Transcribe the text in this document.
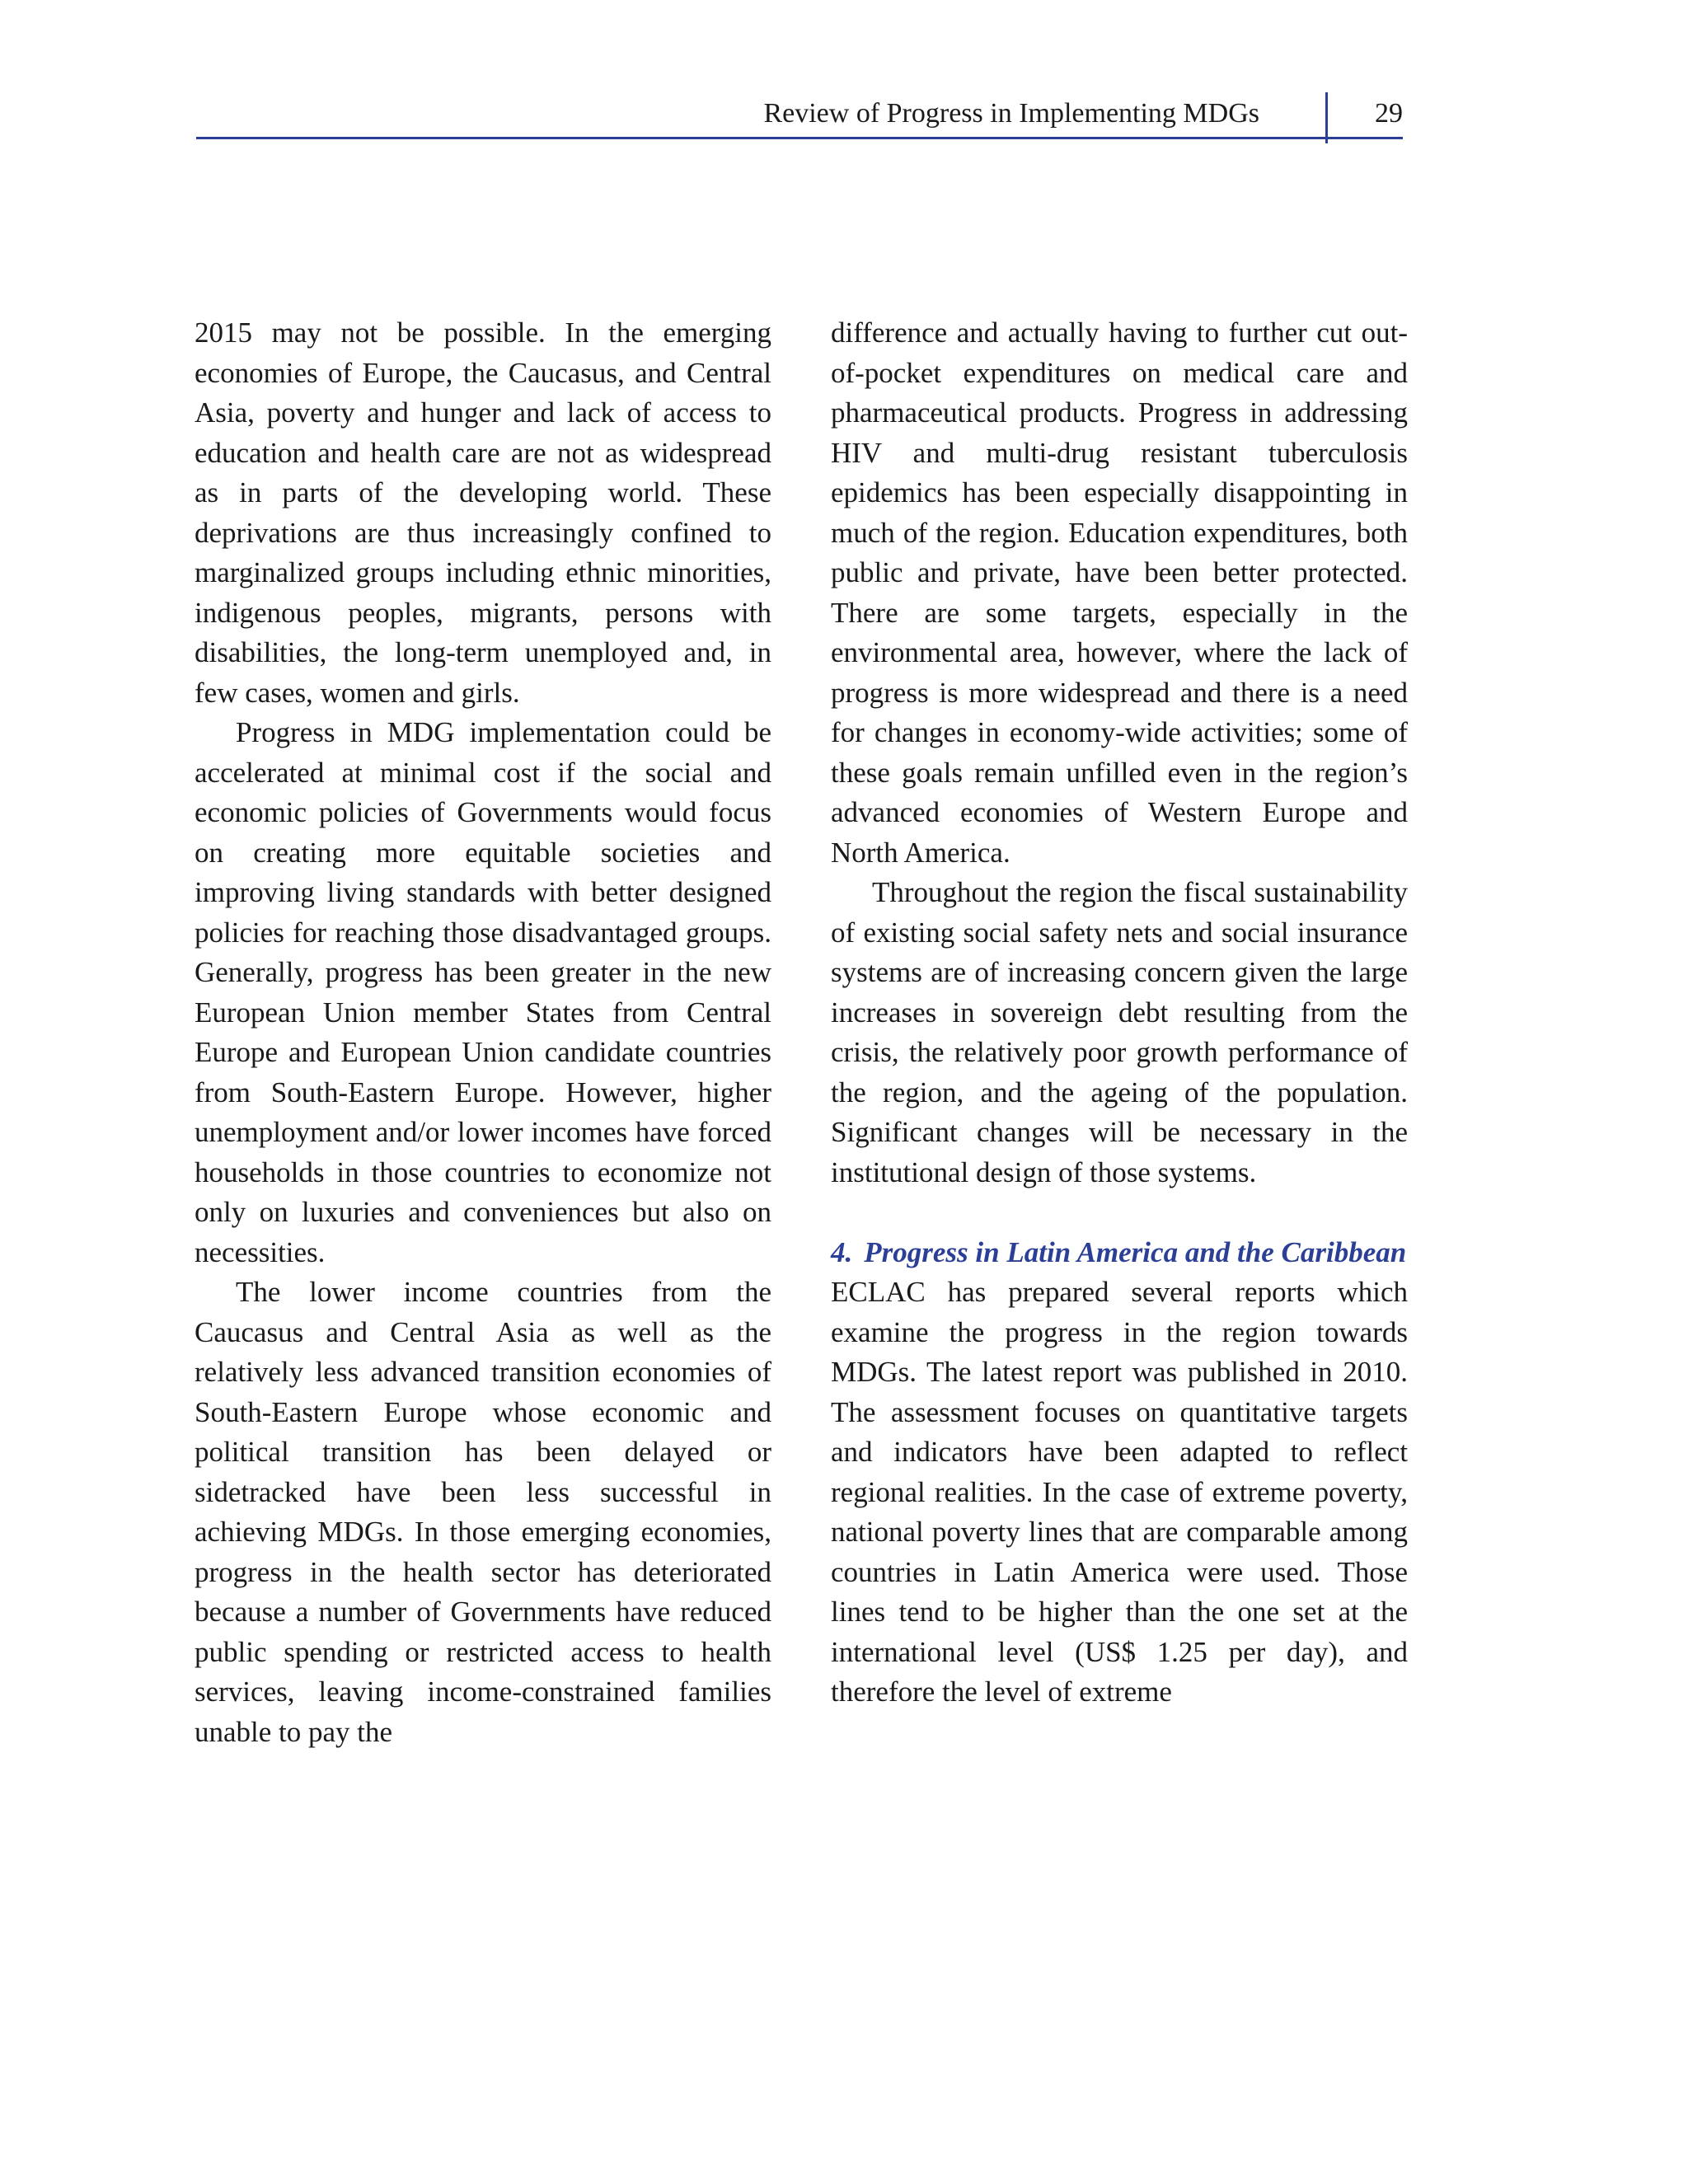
Review of Progress in Implementing MDGs	29

2015 may not be possible. In the emerging economies of Europe, the Caucasus, and Central Asia, poverty and hunger and lack of access to education and health care are not as widespread as in parts of the developing world. These deprivations are thus increasingly confined to marginalized groups including ethnic minorities, indigenous peoples, migrants, persons with disabilities, the long-term unemployed and, in few cases, women and girls.

Progress in MDG implementation could be accelerated at minimal cost if the social and economic policies of Governments would focus on creating more equitable societies and improving living standards with better designed policies for reaching those disadvantaged groups. Generally, progress has been greater in the new European Union member States from Central Europe and European Union candidate countries from South-Eastern Europe. However, higher unemployment and/or lower incomes have forced households in those countries to economize not only on luxuries and conveniences but also on necessities.

The lower income countries from the Caucasus and Central Asia as well as the relatively less advanced transition economies of South-Eastern Europe whose economic and political transition has been delayed or sidetracked have been less successful in achieving MDGs. In those emerging economies, progress in the health sector has deteriorated because a number of Governments have reduced public spending or restricted access to health services, leaving income-constrained families unable to pay the

difference and actually having to further cut out-of-pocket expenditures on medical care and pharmaceutical products. Progress in addressing HIV and multi-drug resistant tuberculosis epidemics has been especially disappointing in much of the region. Education expenditures, both public and private, have been better protected. There are some targets, especially in the environmental area, however, where the lack of progress is more widespread and there is a need for changes in economy-wide activities; some of these goals remain unfilled even in the region’s advanced economies of Western Europe and North America.

Throughout the region the fiscal sustainability of existing social safety nets and social insurance systems are of increasing concern given the large increases in sovereign debt resulting from the crisis, the relatively poor growth performance of the region, and the ageing of the population. Significant changes will be necessary in the institutional design of those systems.

4. Progress in Latin America and the Caribbean

ECLAC has prepared several reports which examine the progress in the region towards MDGs. The latest report was published in 2010. The assessment focuses on quantitative targets and indicators have been adapted to reflect regional realities. In the case of extreme poverty, national poverty lines that are comparable among countries in Latin America were used. Those lines tend to be higher than the one set at the international level (US$ 1.25 per day), and therefore the level of extreme
